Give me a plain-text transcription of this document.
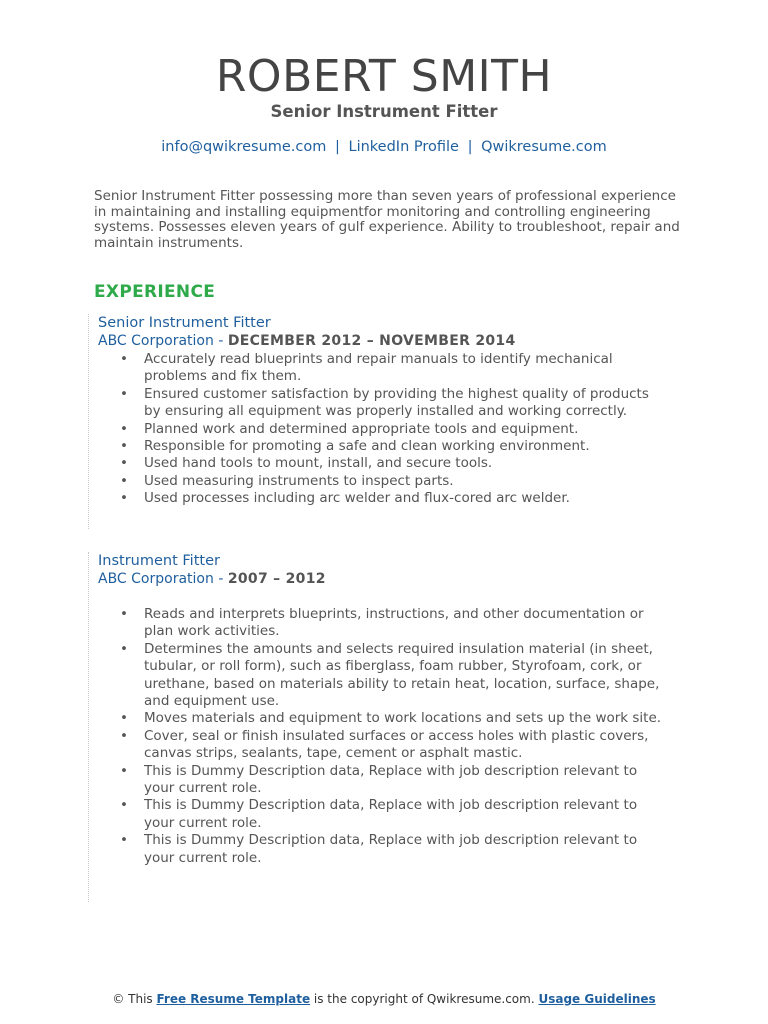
ROBERT SMITH
Senior Instrument Fitter
info@qwikresume.com | LinkedIn Profile | Qwikresume.com

Senior Instrument Fitter possessing more than seven years of professional experience in maintaining and installing equipmentfor monitoring and controlling engineering systems. Possesses eleven years of gulf experience. Ability to troubleshoot, repair and maintain instruments.

EXPERIENCE
Senior Instrument Fitter
ABC Corporation - DECEMBER 2012 – NOVEMBER 2014
• Accurately read blueprints and repair manuals to identify mechanical problems and fix them.
• Ensured customer satisfaction by providing the highest quality of products by ensuring all equipment was properly installed and working correctly.
• Planned work and determined appropriate tools and equipment.
• Responsible for promoting a safe and clean working environment.
• Used hand tools to mount, install, and secure tools.
• Used measuring instruments to inspect parts.
• Used processes including arc welder and flux-cored arc welder.
Instrument Fitter
ABC Corporation - 2007 – 2012
• Reads and interprets blueprints, instructions, and other documentation or plan work activities.
• Determines the amounts and selects required insulation material (in sheet, tubular, or roll form), such as fiberglass, foam rubber, Styrofoam, cork, or urethane, based on materials ability to retain heat, location, surface, shape, and equipment use.
• Moves materials and equipment to work locations and sets up the work site.
• Cover, seal or finish insulated surfaces or access holes with plastic covers, canvas strips, sealants, tape, cement or asphalt mastic.
• This is Dummy Description data, Replace with job description relevant to your current role.
• This is Dummy Description data, Replace with job description relevant to your current role.
• This is Dummy Description data, Replace with job description relevant to your current role.
© This Free Resume Template is the copyright of Qwikresume.com. Usage Guidelines
